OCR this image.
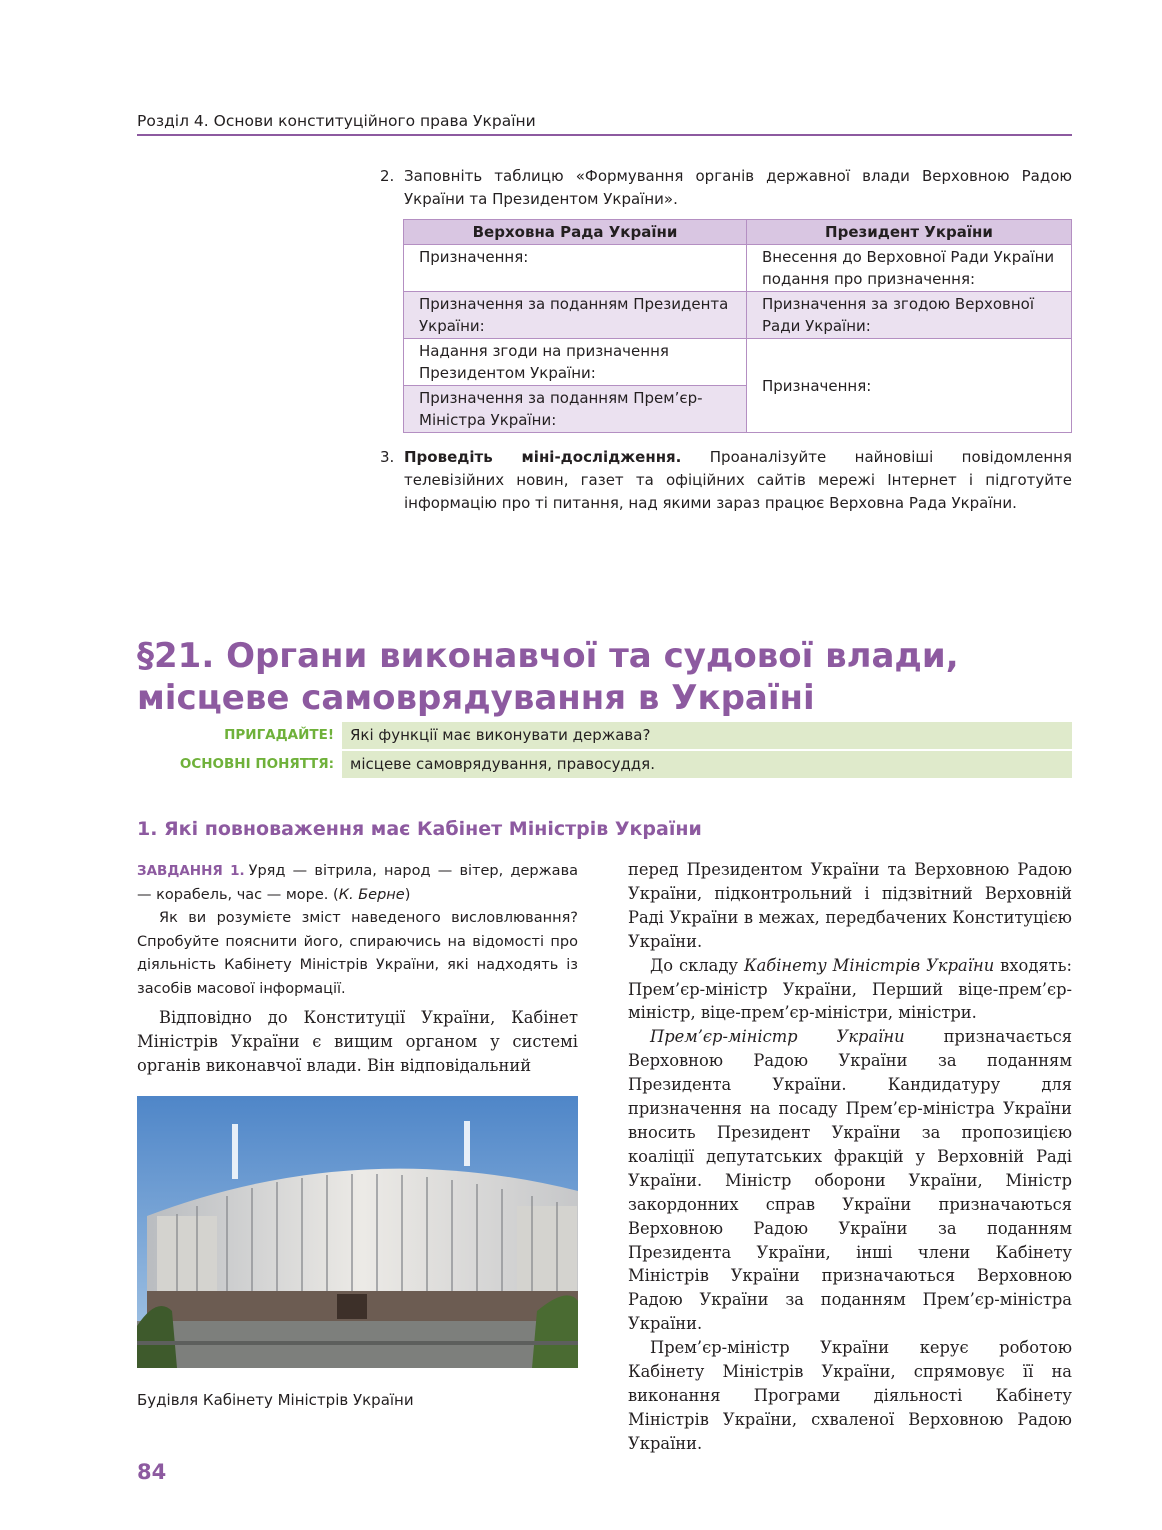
Розділ 4. Основи конституційного права України
2. Заповніть таблицю «Формування органів державної влади Верховною Радою України та Президентом України».
Верховна Рада України	Президент України
Призначення:	Внесення до Верховної Ради України подання про призначення:
Призначення за поданням Президента України:	Призначення за згодою Верховної Ради України:
Надання згоди на призначення Президентом України:	Призначення:
Призначення за поданням Прем’єр-Міністра України:	
3. Проведіть міні-дослідження. Проаналізуйте найновіші повідомлення телевізійних новин, газет та офіційних сайтів мережі Інтернет і підготуйте інформацію про ті питання, над якими зараз працює Верховна Рада України.
§21. Органи виконавчої та судової влади,
місцеве самоврядування в Україні
ПРИГАДАЙТЕ!	Які функції має виконувати держава?
ОСНОВНІ ПОНЯТТЯ:	місцеве самоврядування, правосуддя.
1. Які повноваження має Кабінет Міністрів України

ЗАВДАННЯ 1. Уряд — вітрила, народ — вітер, держава — корабель, час — море. (К. Берне)

Як ви розумієте зміст наведеного висловлювання? Спробуйте пояснити його, спираючись на відомості про діяльність Кабінету Міністрів України, які надходять із засобів масової інформації.

Відповідно до Конституції України, Кабінет Міністрів України є вищим органом у системі органів виконавчої влади. Він відповідальний

Будівля Кабінету Міністрів України

перед Президентом України та Верховною Радою України, підконтрольний і підзвітний Верховній Раді України в межах, передбачених Конституцією України.

До складу Кабінету Міністрів України входять: Прем’єр-міністр України, Перший віце-прем’єр-міністр, віце-прем’єр-міністри, міністри.

Прем’єр-міністр України призначається Верховною Радою України за поданням Президента України. Кандидатуру для призначення на посаду Прем’єр-міністра України вносить Президент України за пропозицією коаліції депутатських фракцій у Верховній Раді України. Міністр оборони України, Міністр закордонних справ України призначаються Верховною Радою України за поданням Президента України, інші члени Кабінету Міністрів України призначаються Верховною Радою України за поданням Прем’єр-міністра України.

Прем’єр-міністр України керує роботою Кабінету Міністрів України, спрямовує її на виконання Програми діяльності Кабінету Міністрів України, схваленої Верховною Радою України.

84
